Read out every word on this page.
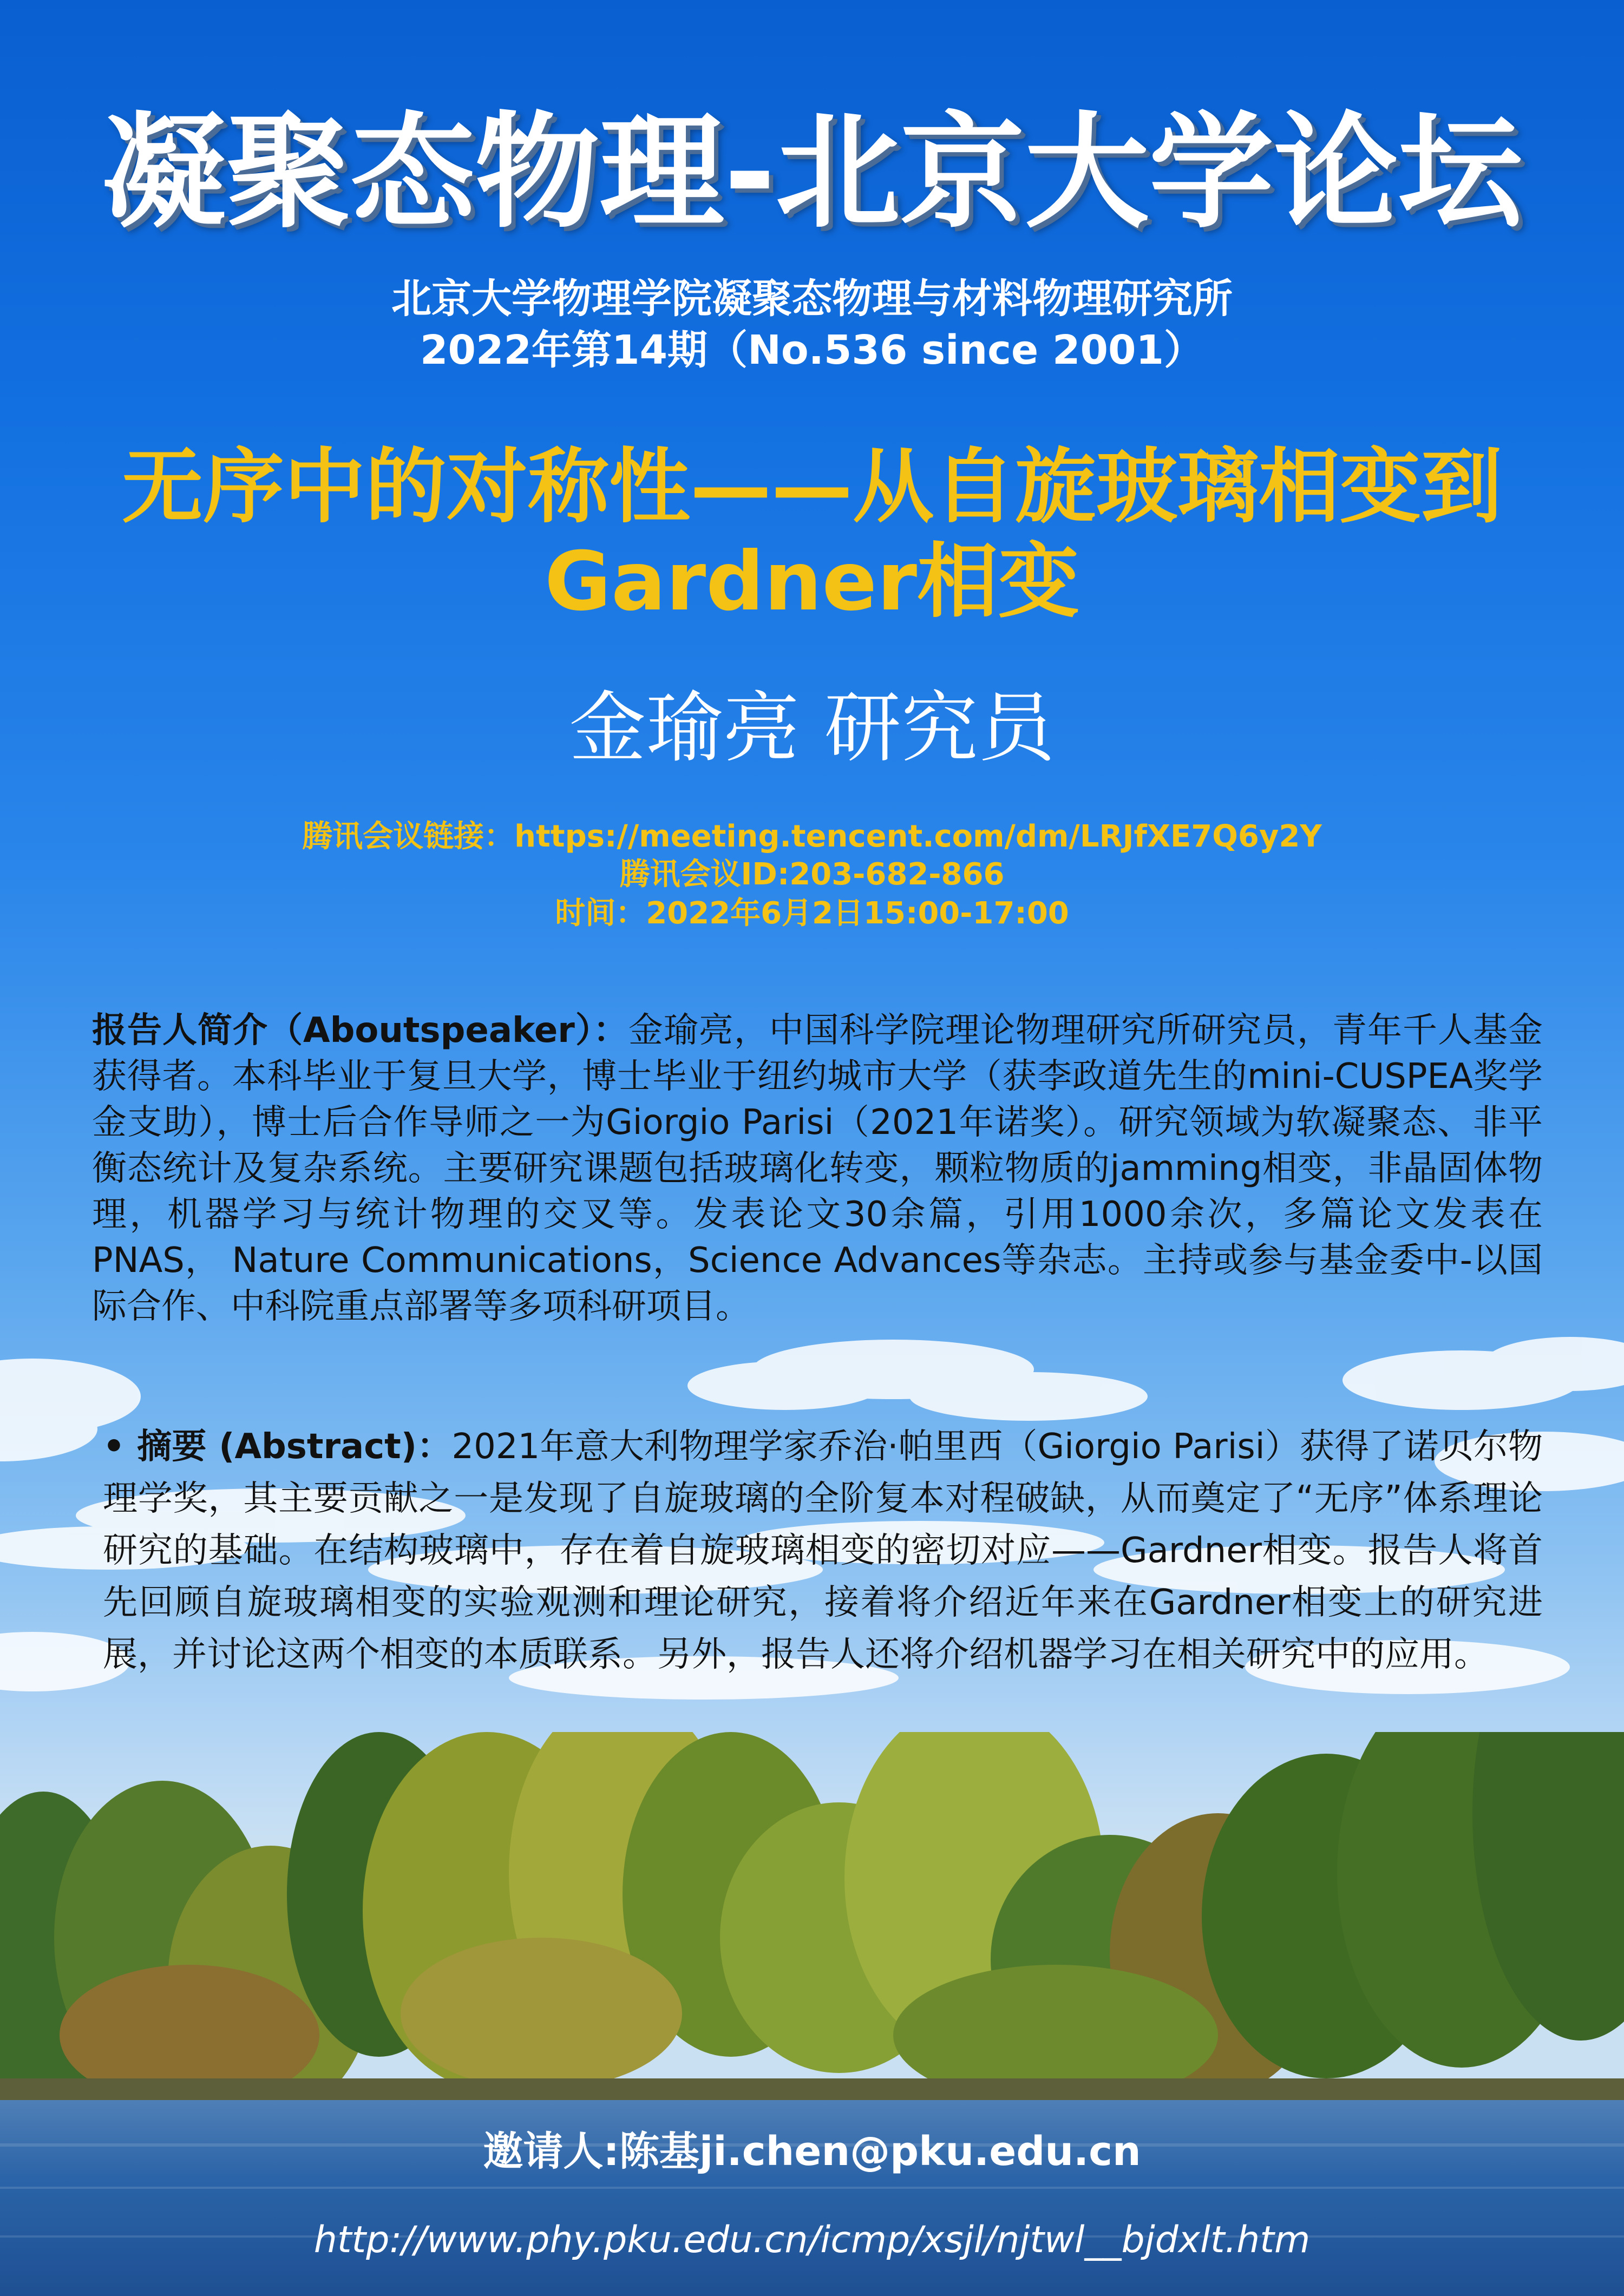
凝聚态物理-北京大学论坛

北京大学物理学院凝聚态物理与材料物理研究所

2022年第14期（No.536 since 2001）

无序中的对称性——从自旋玻璃相变到
Gardner相变

金瑜亮 研究员

腾讯会议链接：https://meeting.tencent.com/dm/LRJfXE7Q6y2Y

腾讯会议ID:203-682-866

时间：2022年6月2日15:00-17:00

报告人简介（Aboutspeaker）：金瑜亮，中国科学院理论物理研究所研究员，青年千人基金获得者。本科毕业于复旦大学，博士毕业于纽约城市大学（获李政道先生的mini-CUSPEA奖学金支助），博士后合作导师之一为Giorgio Parisi（2021年诺奖）。研究领域为软凝聚态、非平衡态统计及复杂系统。主要研究课题包括玻璃化转变，颗粒物质的jamming相变，非晶固体物理，机器学习与统计物理的交叉等。发表论文30余篇，引用1000余次，多篇论文发表在PNAS， Nature Communications，Science Advances等杂志。主持或参与基金委中-以国际合作、中科院重点部署等多项科研项目。

• 摘要 (Abstract)：2021年意大利物理学家乔治·帕里西（Giorgio Parisi）获得了诺贝尔物理学奖，其主要贡献之一是发现了自旋玻璃的全阶复本对程破缺，从而奠定了“无序”体系理论研究的基础。在结构玻璃中，存在着自旋玻璃相变的密切对应——Gardner相变。报告人将首先回顾自旋玻璃相变的实验观测和理论研究，接着将介绍近年来在Gardner相变上的研究进展，并讨论这两个相变的本质联系。另外，报告人还将介绍机器学习在相关研究中的应用。

邀请人:陈基ji.chen@pku.edu.cn

http://www.phy.pku.edu.cn/icmp/xsjl/njtwl__bjdxlt.htm
